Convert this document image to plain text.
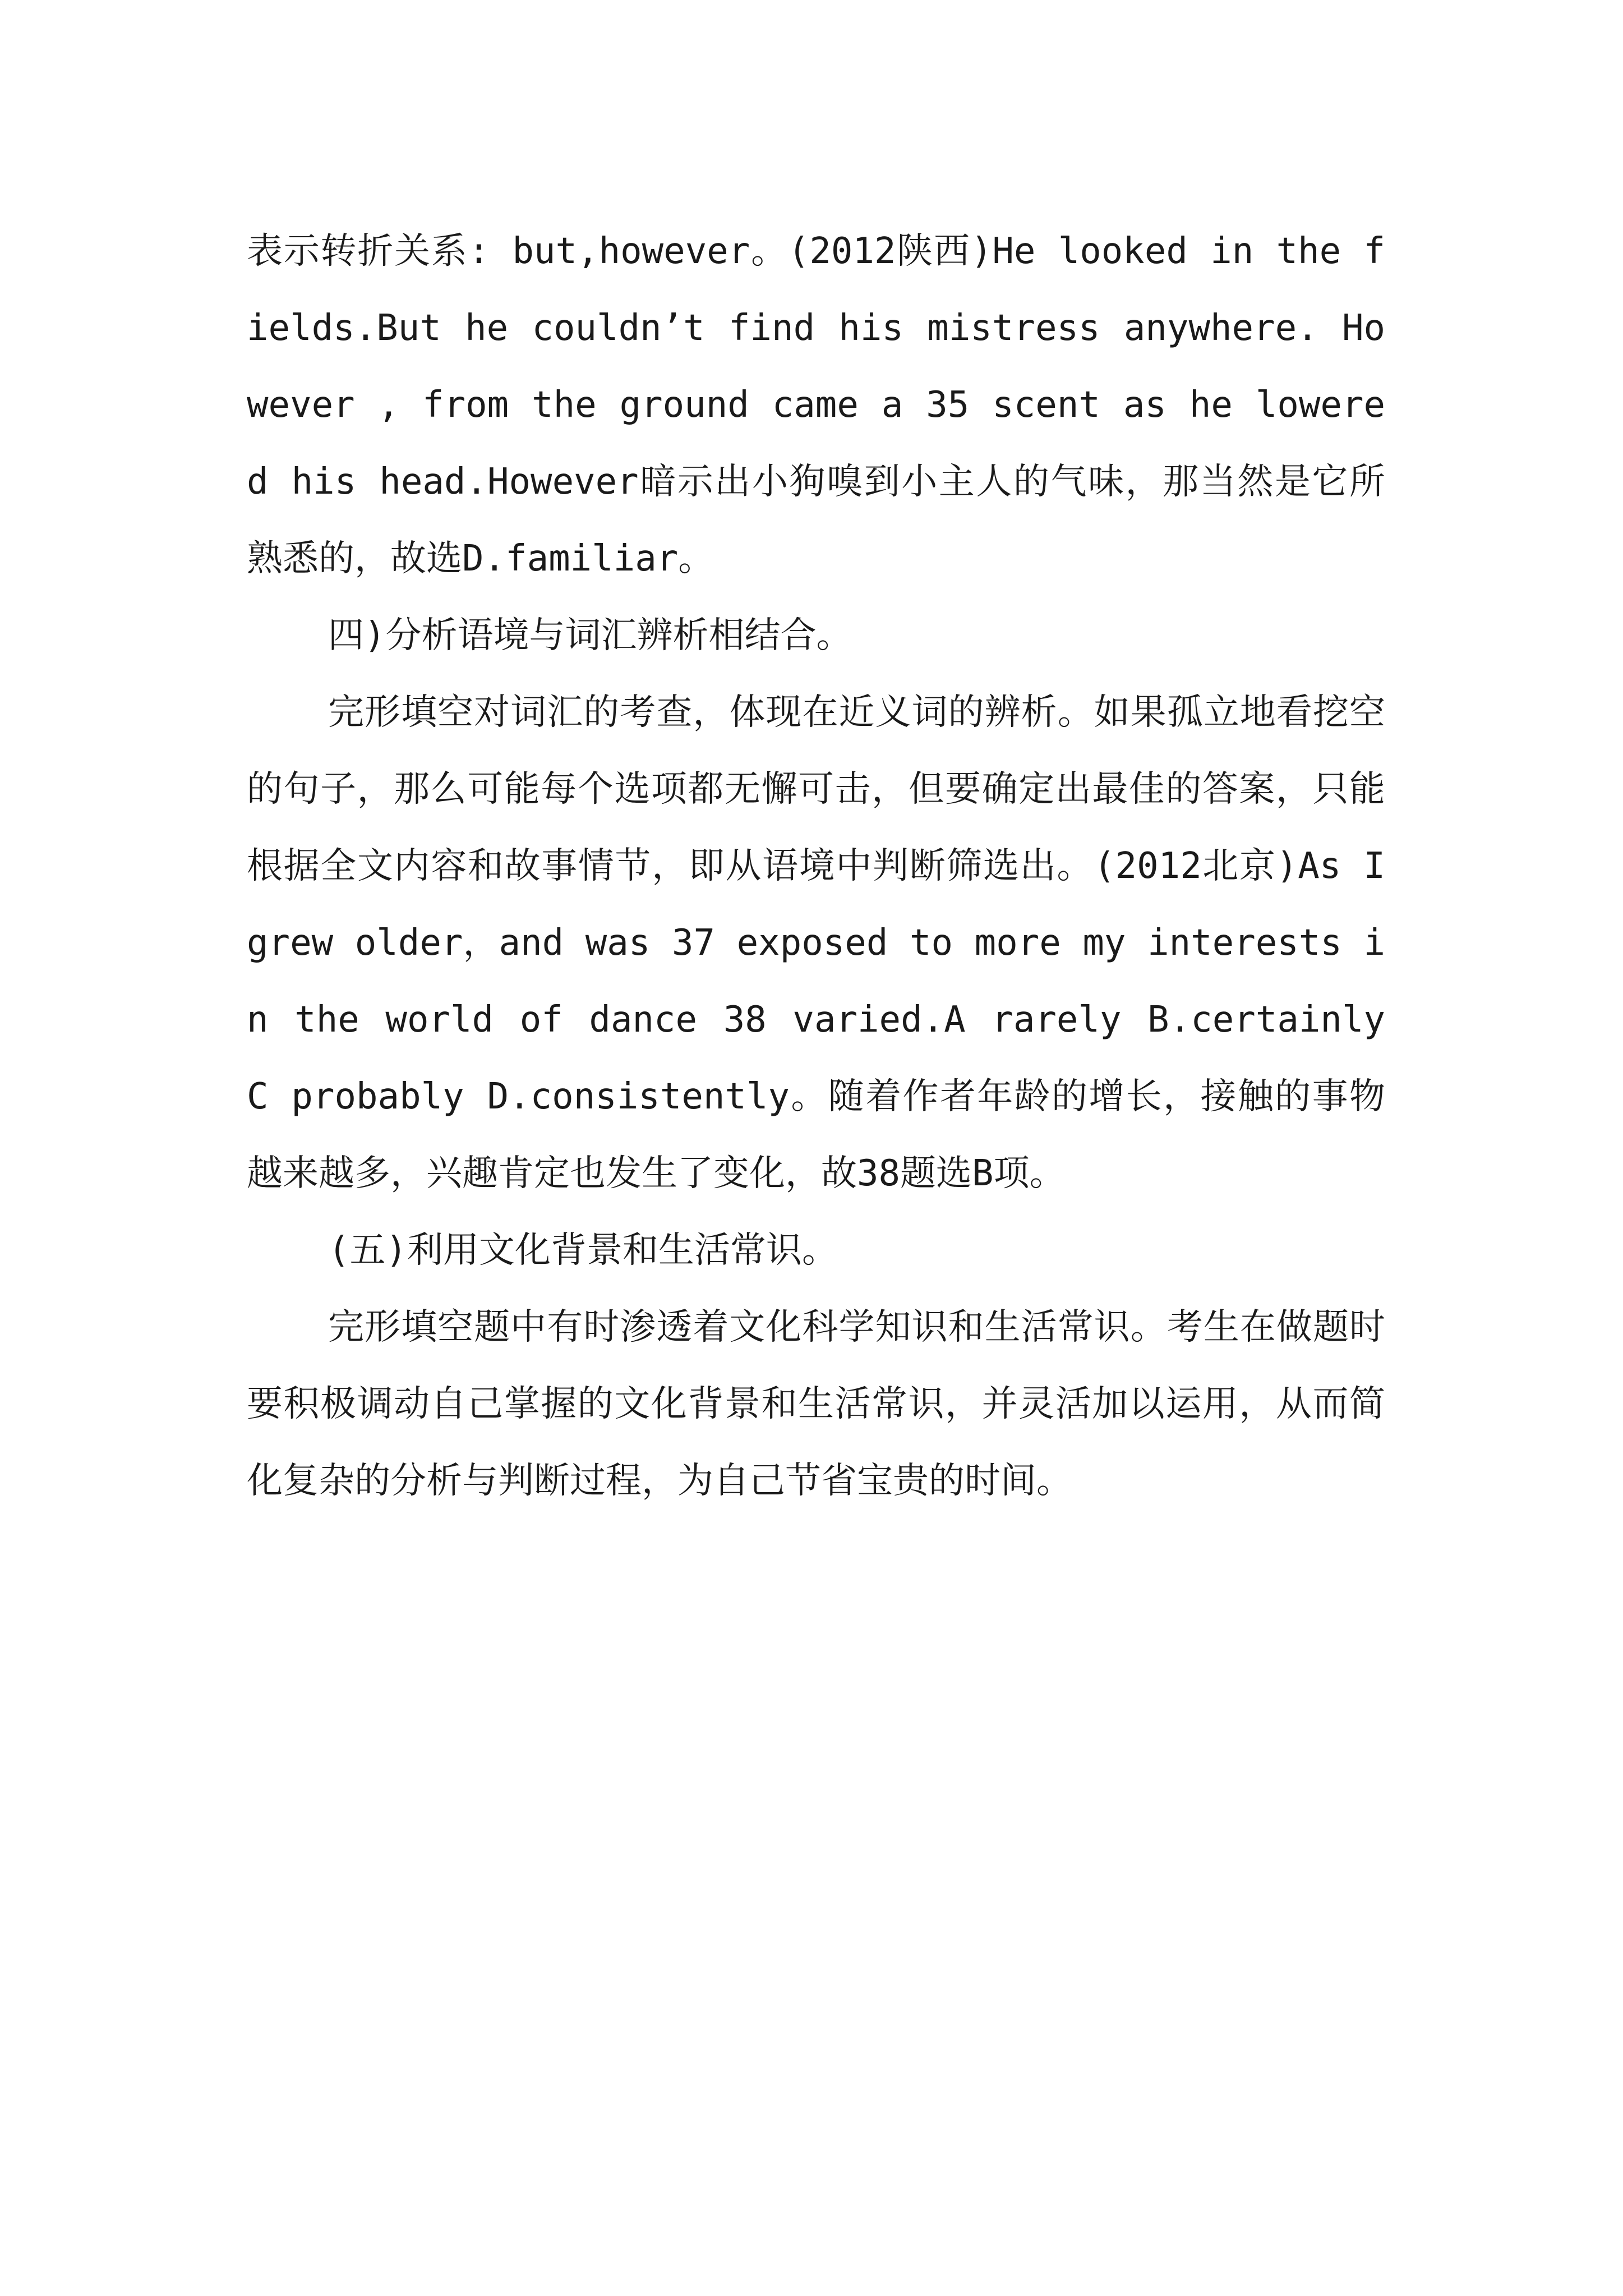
表示转折关系: but,however。(2012陕西)He looked in the fields.But he couldn’t find his mistress anywhere. However , from the ground came a 35 scent as he lowered his head.However暗示出小狗嗅到小主人的气味，那当然是它所熟悉的，故选D.familiar。

四)分析语境与词汇辨析相结合。

完形填空对词汇的考查，体现在近义词的辨析。如果孤立地看挖空的句子，那么可能每个选项都无懈可击，但要确定出最佳的答案，只能根据全文内容和故事情节，即从语境中判断筛选出。(2012北京)As I grew older，and was 37 exposed to more my interests in the world of dance 38 varied.A rarely B.certainly C probably D.consistently。随着作者年龄的增长，接触的事物越来越多，兴趣肯定也发生了变化，故38题选B项。

(五)利用文化背景和生活常识。

完形填空题中有时渗透着文化科学知识和生活常识。考生在做题时要积极调动自己掌握的文化背景和生活常识，并灵活加以运用，从而简化复杂的分析与判断过程，为自己节省宝贵的时间。
